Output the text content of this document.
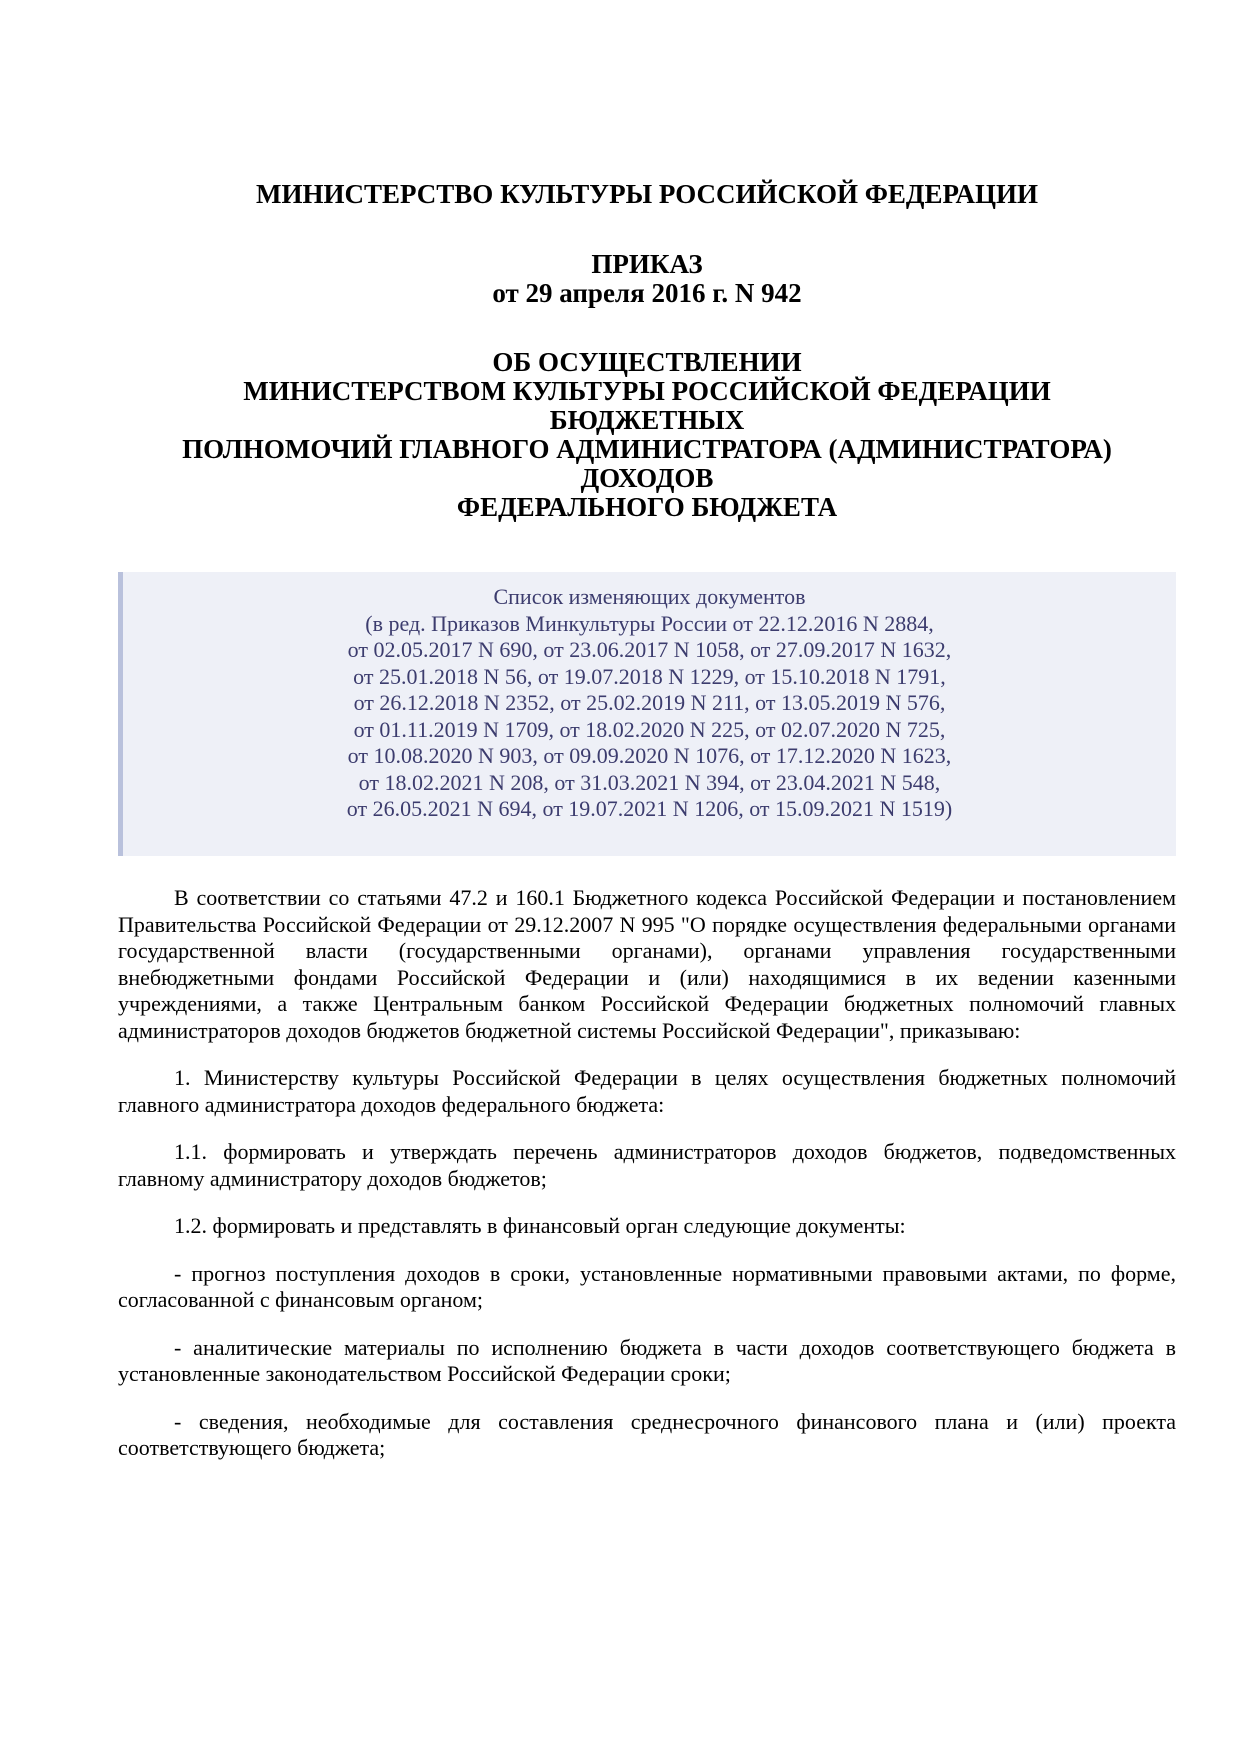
МИНИСТЕРСТВО КУЛЬТУРЫ РОССИЙСКОЙ ФЕДЕРАЦИИ
ПРИКАЗ
от 29 апреля 2016 г. N 942
ОБ ОСУЩЕСТВЛЕНИИ
МИНИСТЕРСТВОМ КУЛЬТУРЫ РОССИЙСКОЙ ФЕДЕРАЦИИ
БЮДЖЕТНЫХ
ПОЛНОМОЧИЙ ГЛАВНОГО АДМИНИСТРАТОРА (АДМИНИСТРАТОРА)
ДОХОДОВ
ФЕДЕРАЛЬНОГО БЮДЖЕТА
Список изменяющих документов
(в ред. Приказов Минкультуры России от 22.12.2016 N 2884,
от 02.05.2017 N 690, от 23.06.2017 N 1058, от 27.09.2017 N 1632,
от 25.01.2018 N 56, от 19.07.2018 N 1229, от 15.10.2018 N 1791,
от 26.12.2018 N 2352, от 25.02.2019 N 211, от 13.05.2019 N 576,
от 01.11.2019 N 1709, от 18.02.2020 N 225, от 02.07.2020 N 725,
от 10.08.2020 N 903, от 09.09.2020 N 1076, от 17.12.2020 N 1623,
от 18.02.2021 N 208, от 31.03.2021 N 394, от 23.04.2021 N 548,
от 26.05.2021 N 694, от 19.07.2021 N 1206, от 15.09.2021 N 1519)

В соответствии со статьями 47.2 и 160.1 Бюджетного кодекса Российской Федерации и постановлением Правительства Российской Федерации от 29.12.2007 N 995 "О порядке осуществления федеральными органами государственной власти (государственными органами), органами управления государственными внебюджетными фондами Российской Федерации и (или) находящимися в их ведении казенными учреждениями, а также Центральным банком Российской Федерации бюджетных полномочий главных администраторов доходов бюджетов бюджетной системы Российской Федерации", приказываю:

1. Министерству культуры Российской Федерации в целях осуществления бюджетных полномочий главного администратора доходов федерального бюджета:

1.1. формировать и утверждать перечень администраторов доходов бюджетов, подведомственных главному администратору доходов бюджетов;

1.2. формировать и представлять в финансовый орган следующие документы:

- прогноз поступления доходов в сроки, установленные нормативными правовыми актами, по форме, согласованной с финансовым органом;

- аналитические материалы по исполнению бюджета в части доходов соответствующего бюджета в установленные законодательством Российской Федерации сроки;

- сведения, необходимые для составления среднесрочного финансового плана и (или) проекта соответствующего бюджета;
